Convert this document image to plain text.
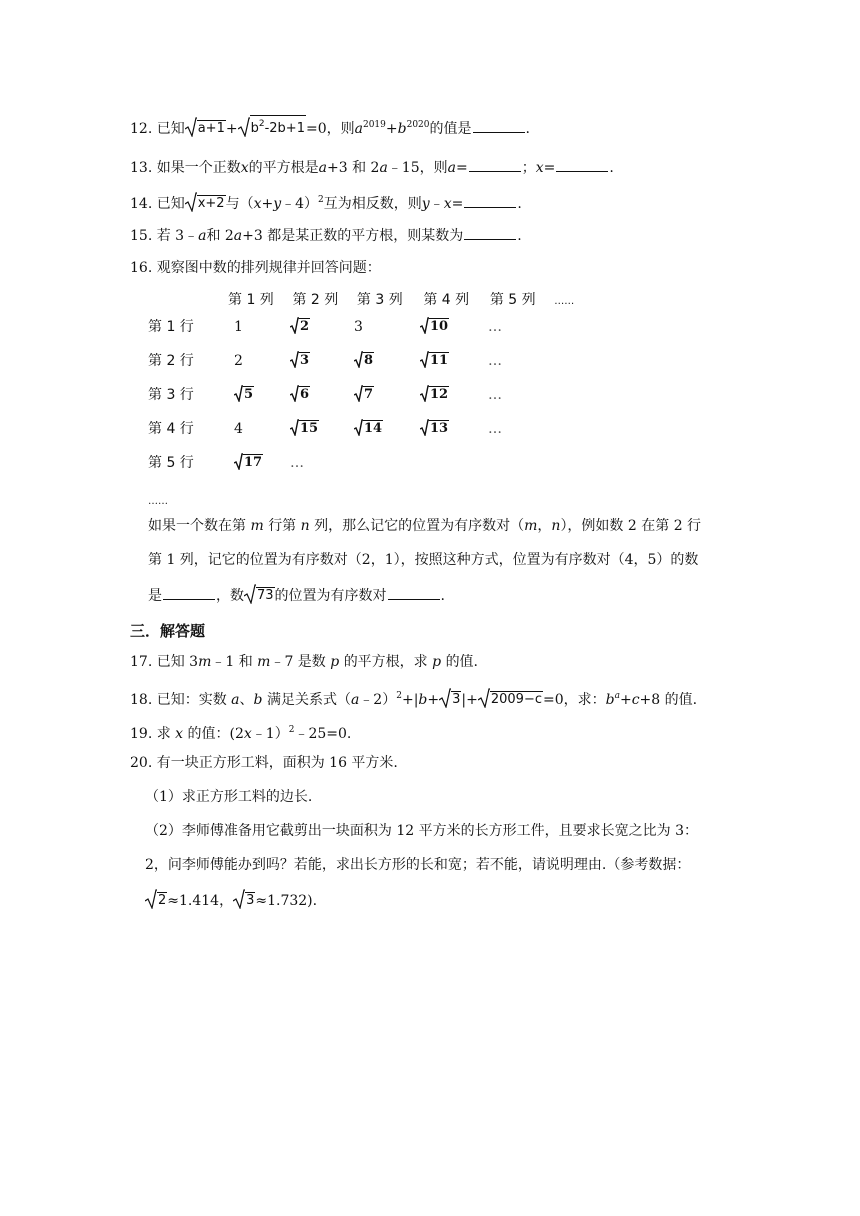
12. 已知 $a+1 + b^2-2b+1 =0$，则$a^{2019}+b^{2020}$的值是	.
13. 如果一个正数x的平方根是a+3 和 2a﹣15，则a=	；x=	.
14. 已知 x+2 与（x+y﹣4）$^2$互为相反数，则y﹣x=	.
15. 若 3﹣a和 2a+3 都是某正数的平方根，则某数为	.
16. 观察图中数的排列规律并回答问题：
第 1 列 第 2 列 第 3 列 第 4 列 第 5 列 ……
第 1 行	1	2	3	10	…
第 2 行	2	3	8	11	…
第 3 行	5	6	7	12	…
第 4 行	4	15	14	13	…
第 5 行	17 …
……
如果一个数在第 m 行第 n 列，那么记它的位置为有序数对（m，n），例如数 2 在第 2 行
第 1 列，记它的位置为有序数对（2，1），按照这种方式，位置为有序数对（4，5）的数
是	，数 73 的位置为有序数对	.
三．解答题
17. 已知 3m﹣1 和 m﹣7 是数 p 的平方根，求 p 的值.
18. 已知：实数 a、b 满足关系式（a﹣2）$^2$+|b+ 3 |+ 2009−c =0，求：$b^a+c+8$ 的值.
19. 求 x 的值：(2x﹣1）$^2$﹣25=0.
20. 有一块正方形工料，面积为 16 平方米.
（1）求正方形工料的边长.
（2）李师傅准备用它截剪出一块面积为 12 平方米的长方形工件，且要求长宽之比为 3：
2，问李师傅能办到吗？若能，求出长方形的长和宽；若不能，请说明理由.（参考数据：
2 ≈1.414， 3 ≈1.732).
